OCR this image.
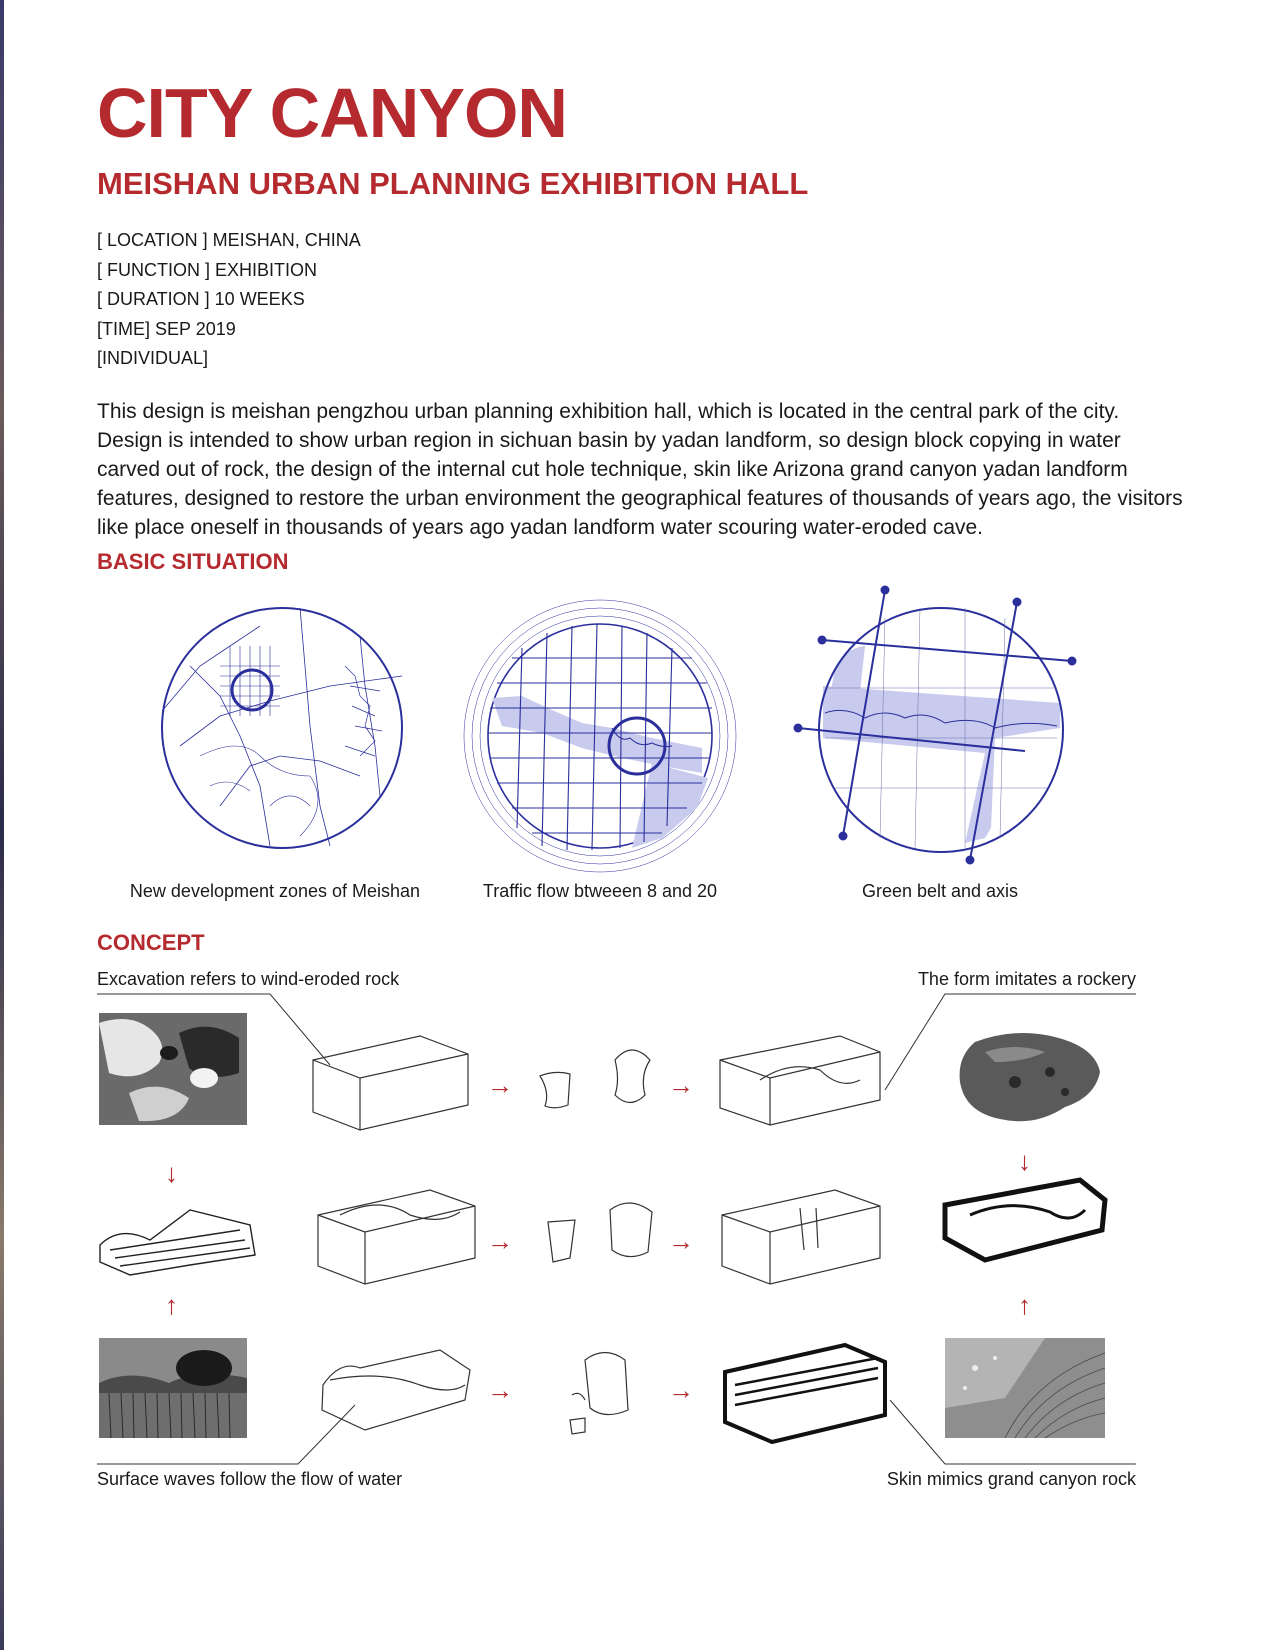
CITY CANYON
MEISHAN URBAN PLANNING EXHIBITION HALL
[ LOCATION ] MEISHAN, CHINA
[ FUNCTION ] EXHIBITION
[ DURATION ] 10 WEEKS
[TIME] SEP 2019
[INDIVIDUAL]

This design is meishan pengzhou urban planning exhibition hall, which is located in the central park of the city. Design is intended to show urban region in sichuan basin by yadan landform, so design block copying in water carved out of rock, the design of the internal cut hole technique, skin like Arizona grand canyon yadan landform features, designed to restore the urban environment the geographical features of thousands of years ago, the visitors like place oneself in thousands of years ago yadan landform water scouring water-eroded cave.

BASIC SITUATION
New development zones of Meishan	Traffic flow btweeen 8 and 20	Green belt and axis
CONCEPT
Excavation refers to wind-eroded rock	The form imitates a rockery
Surface waves follow the flow of water	Skin mimics grand canyon rock
→	→
→	→
→	→
↓	↓
↑	↑
